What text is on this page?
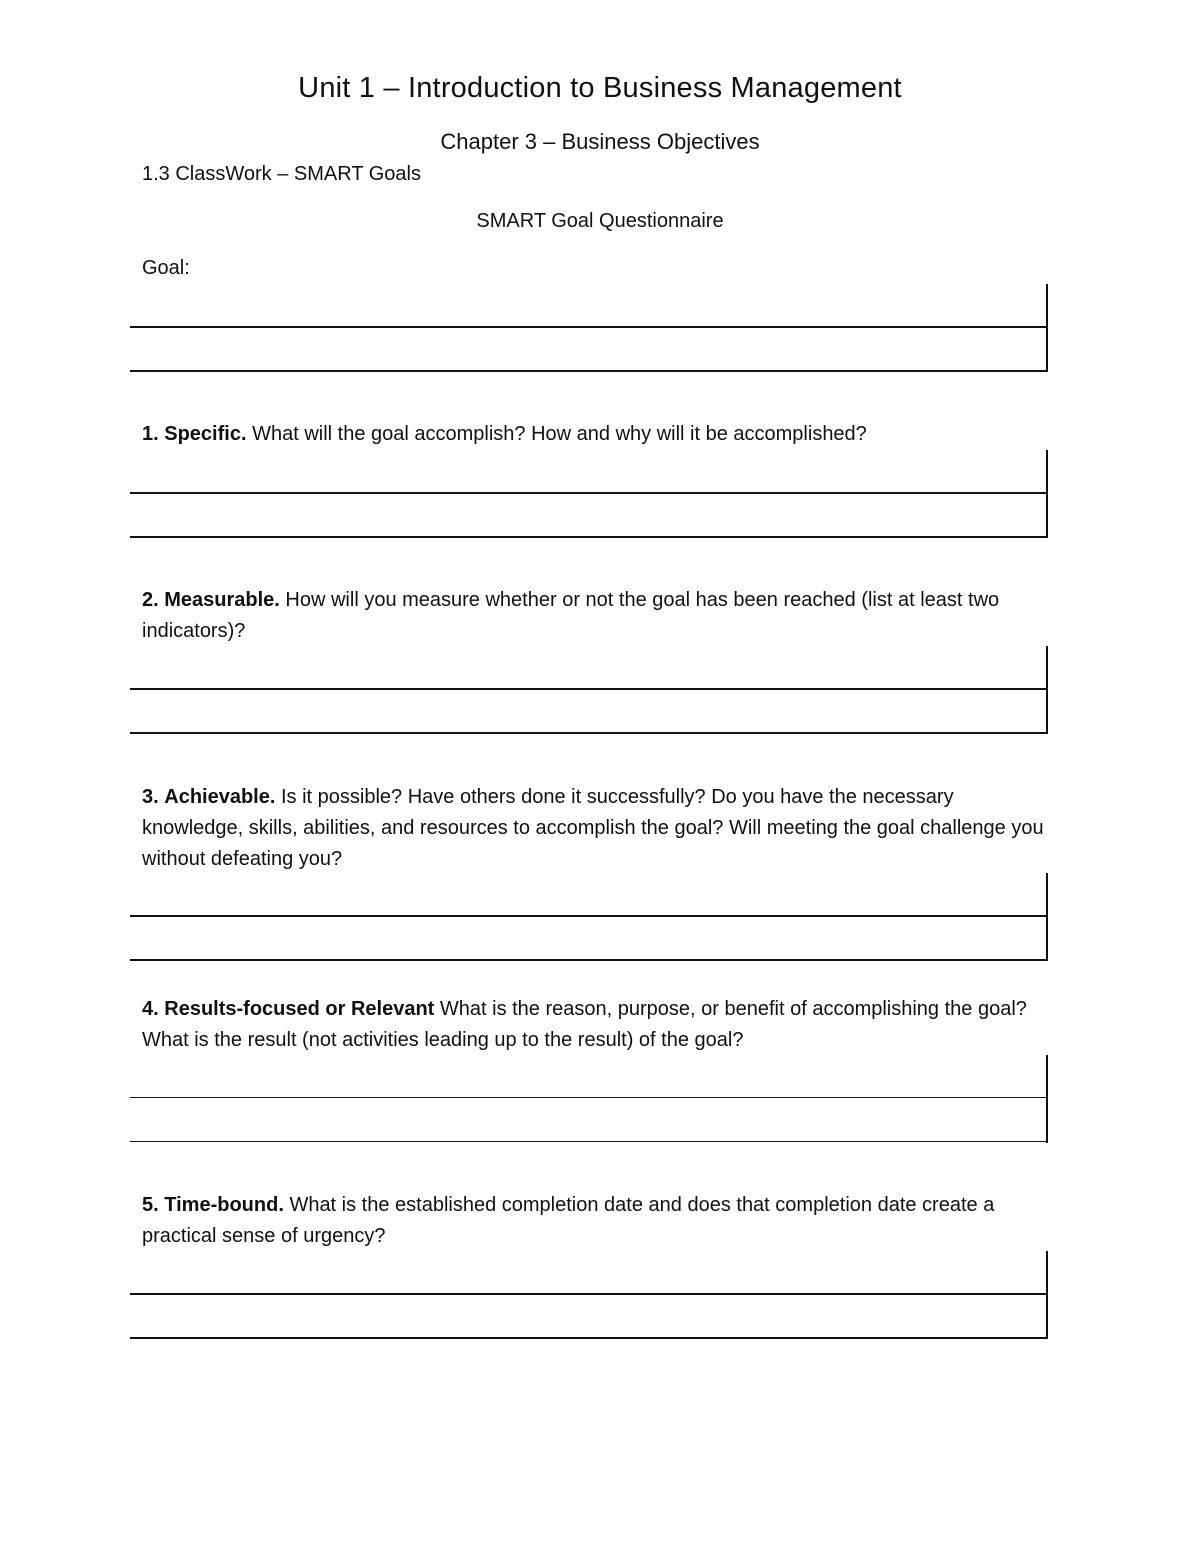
Unit 1 – Introduction to Business Management
Chapter 3 – Business Objectives
1.3 ClassWork – SMART Goals
SMART Goal Questionnaire
Goal:
1. Specific. What will the goal accomplish? How and why will it be accomplished?
2. Measurable. How will you measure whether or not the goal has been reached (list at least two indicators)?
3. Achievable. Is it possible? Have others done it successfully? Do you have the necessary knowledge, skills, abilities, and resources to accomplish the goal? Will meeting the goal challenge you without defeating you?
4. Results-focused or Relevant What is the reason, purpose, or benefit of accomplishing the goal? What is the result (not activities leading up to the result) of the goal?
5. Time-bound. What is the established completion date and does that completion date create a practical sense of urgency?
